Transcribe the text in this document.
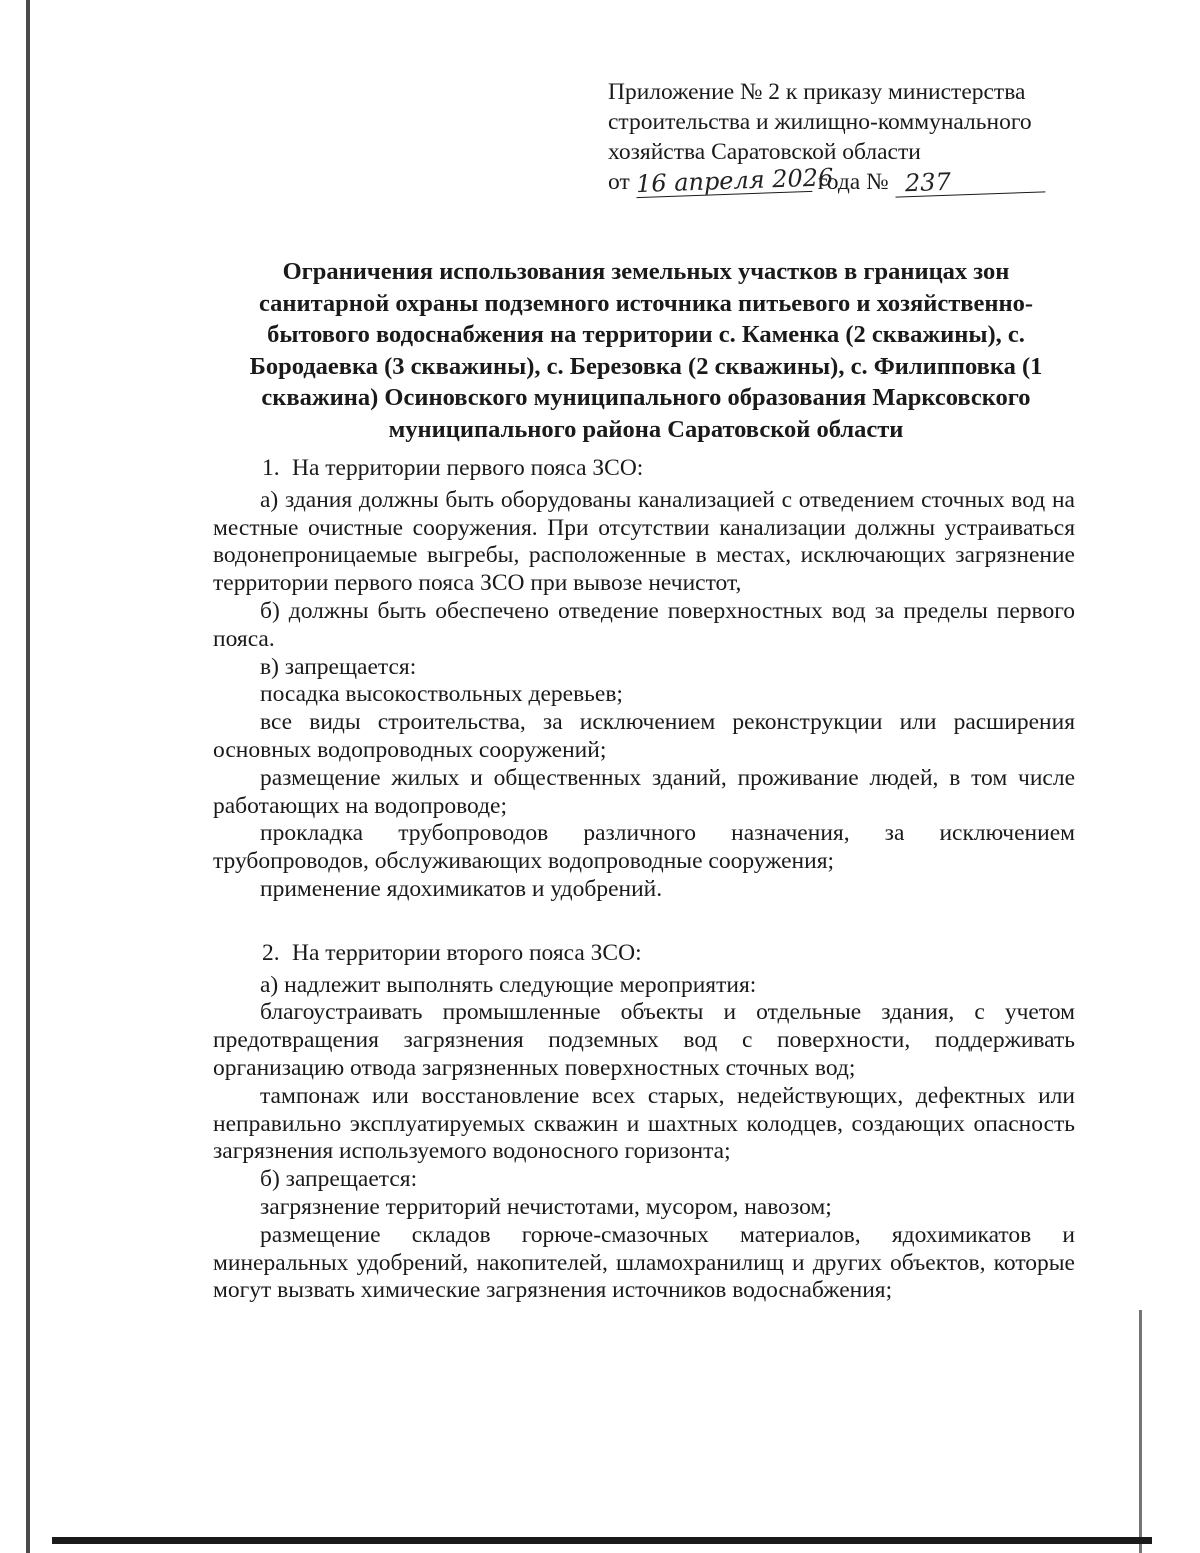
Приложение № 2 к приказу министерства
строительства и жилищно-коммунального
хозяйства Саратовской области
от 16 апреля 2026года № 237
Ограничения использования земельных участков в границах зон санитарной охраны подземного источника питьевого и хозяйственно-бытового водоснабжения на территории с. Каменка (2 скважины), с. Бородаевка (3 скважины), с. Березовка (2 скважины), с. Филипповка (1 скважина) Осиновского муниципального образования Марксовского муниципального района Саратовской области

1. На территории первого пояса ЗСО:

а) здания должны быть оборудованы канализацией с отведением сточных вод на местные очистные сооружения. При отсутствии канализации должны устраиваться водонепроницаемые выгребы, расположенные в местах, исключающих загрязнение территории первого пояса ЗСО при вывозе нечистот,

б) должны быть обеспечено отведение поверхностных вод за пределы первого пояса.

в) запрещается:

посадка высокоствольных деревьев;

все виды строительства, за исключением реконструкции или расширения основных водопроводных сооружений;

размещение жилых и общественных зданий, проживание людей, в том числе работающих на водопроводе;

прокладка трубопроводов различного назначения, за исключением трубопроводов, обслуживающих водопроводные сооружения;

применение ядохимикатов и удобрений.

2. На территории второго пояса ЗСО:

а) надлежит выполнять следующие мероприятия:

благоустраивать промышленные объекты и отдельные здания, с учетом предотвращения загрязнения подземных вод с поверхности, поддерживать организацию отвода загрязненных поверхностных сточных вод;

тампонаж или восстановление всех старых, недействующих, дефектных или неправильно эксплуатируемых скважин и шахтных колодцев, создающих опасность загрязнения используемого водоносного горизонта;

б) запрещается:

загрязнение территорий нечистотами, мусором, навозом;

размещение складов горюче-смазочных материалов, ядохимикатов и минеральных удобрений, накопителей, шламохранилищ и других объектов, которые могут вызвать химические загрязнения источников водоснабжения;
